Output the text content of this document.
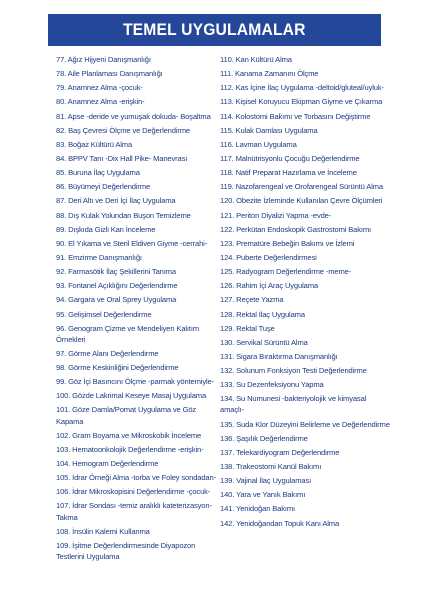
TEMEL UYGULAMALAR
77. Ağız Hijyeni Danışmanlığı
78. Aile Planlaması Danışmanlığı
79. Anamnez Alma -çocuk-
80. Anamnez Alma -erişkin-
81. Apse -deride ve yumuşak dokuda- Boşaltma
82. Baş Çevresi Ölçme ve Değerlendirme
83. Boğaz Kültürü Alma
84. BPPV Tanı -Dix Hall Pike- Manevrası
85. Buruna İlaç Uygulama
86. Büyümeyi Değerlendirme
87. Deri Altı ve Deri İçi İlaç Uygulama
88. Dış Kulak Yolundan Buşon Temizleme
89. Dışkıda Gizli Kan İnceleme
90. El Yıkama ve Steril Eldiven Giyme -cerrahi-
91. Emzirme Danışmanlığı
92. Farmasötik İlaç Şekillerini Tanıma
93. Fontanel Açıklığını Değerlendirme
94. Gargara ve Oral Sprey Uygulama
95. Gelişimsel Değerlendirme
96. Genogram Çizme ve Mendeliyen Kalıtım Örnekleri
97. Görme Alanı Değerlendirme
98. Görme Keskinliğini Değerlendirme
99. Göz İçi Basıncını Ölçme -parmak yöntemiyle-
100. Gözde Lakrimal Keseye Masaj Uygulama
101. Göze Damla/Pomat Uygulama ve Göz Kapama
102. Gram Boyama ve Mikroskobik İnceleme
103. Hematoonkolojik Değerlendirme -erişkin-
104. Hemogram Değerlendirme
105. İdrar Örneği Alma -torba ve Foley sondadan-
106. İdrar Mikroskopisini Değerlendirme -çocuk-
107. İdrar Sondası -temiz aralıklı kateterizasyon-Takma
108. İnsülin Kalemi Kullanma
109. İşitme Değerlendirmesinde Diyapozon Testlerini Uygulama
110. Kan Kültürü Alma
111. Kanama Zamanını Ölçme
112. Kas İçine İlaç Uygulama -deltoid/gluteal/uyluk-
113. Kişisel Koruyucu Ekipman Giyme ve Çıkarma
114. Kolostomi Bakımı ve Torbasını Değiştirme
115. Kulak Damlası Uygulama
116. Lavman Uygulama
117. Malnütrisyonlu Çocuğu Değerlendirme
118. Natif Preparat Hazırlama ve İnceleme
119. Nazofarengeal ve Orofarengeal Sürüntü Alma
120. Obezite İzleminde Kullanılan Çevre Ölçümleri
121. Periton Diyalizi Yapma -evde-
122. Perkütan Endoskopik Gastrostomi Bakımı
123. Prematüre Bebeğin Bakımı ve İzlemi
124. Puberte Değerlendirmesi
125. Radyogram Değerlendirme -meme-
126. Rahim İçi Araç Uygulama
127. Reçete Yazma
128. Rektal İlaç Uygulama
129. Rektal Tuşe
130. Servikal Sürüntü Alma
131. Sigara Bıraktırma Danışmanlığı
132. Solunum Fonksiyon Testi Değerlendirme
133. Su Dezenfeksiyonu Yapma
134. Su Numunesi -bakteriyolojik ve kimyasal amaçlı-
135. Suda Klor Düzeyini Belirleme ve Değerlendirme
136. Şaşılık Değerlendirme
137. Telekardiyogram Değerlendirme
138. Trakeostomi Kanül Bakımı
139. Vajinal İlaç Uygulaması
140. Yara ve Yanık Bakımı
141. Yenidoğan Bakımı
142. Yenidoğandan Topuk Kanı Alma
